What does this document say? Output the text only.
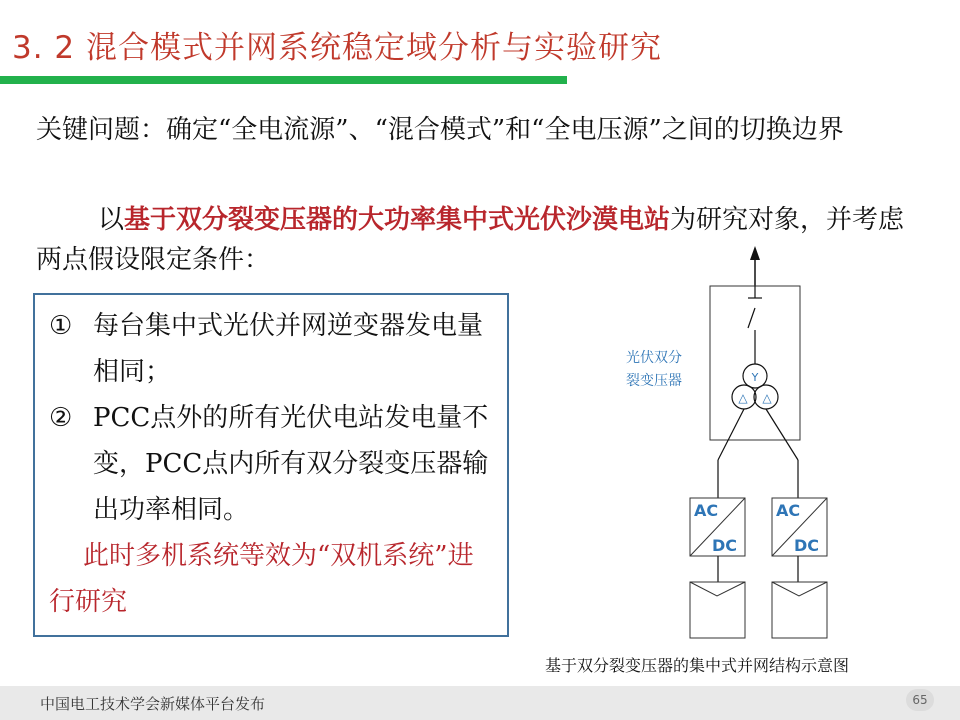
3. 2 混合模式并网系统稳定域分析与实验研究
关键问题：确定“全电流源”、“混合模式”和“全电压源”之间的切换边界
以基于双分裂变压器的大功率集中式光伏沙漠电站为研究对象，并考虑两点假设限定条件：
① 每台集中式光伏并网逆变器发电量相同；
② PCC点外的所有光伏电站发电量不变，PCC点内所有双分裂变压器输出功率相同。
此时多机系统等效为“双机系统”进行研究
Y
△ △
AC
DC
AC
DC
光伏双分
裂变压器
基于双分裂变压器的集中式并网结构示意图
中国电工技术学会新媒体平台发布	65
